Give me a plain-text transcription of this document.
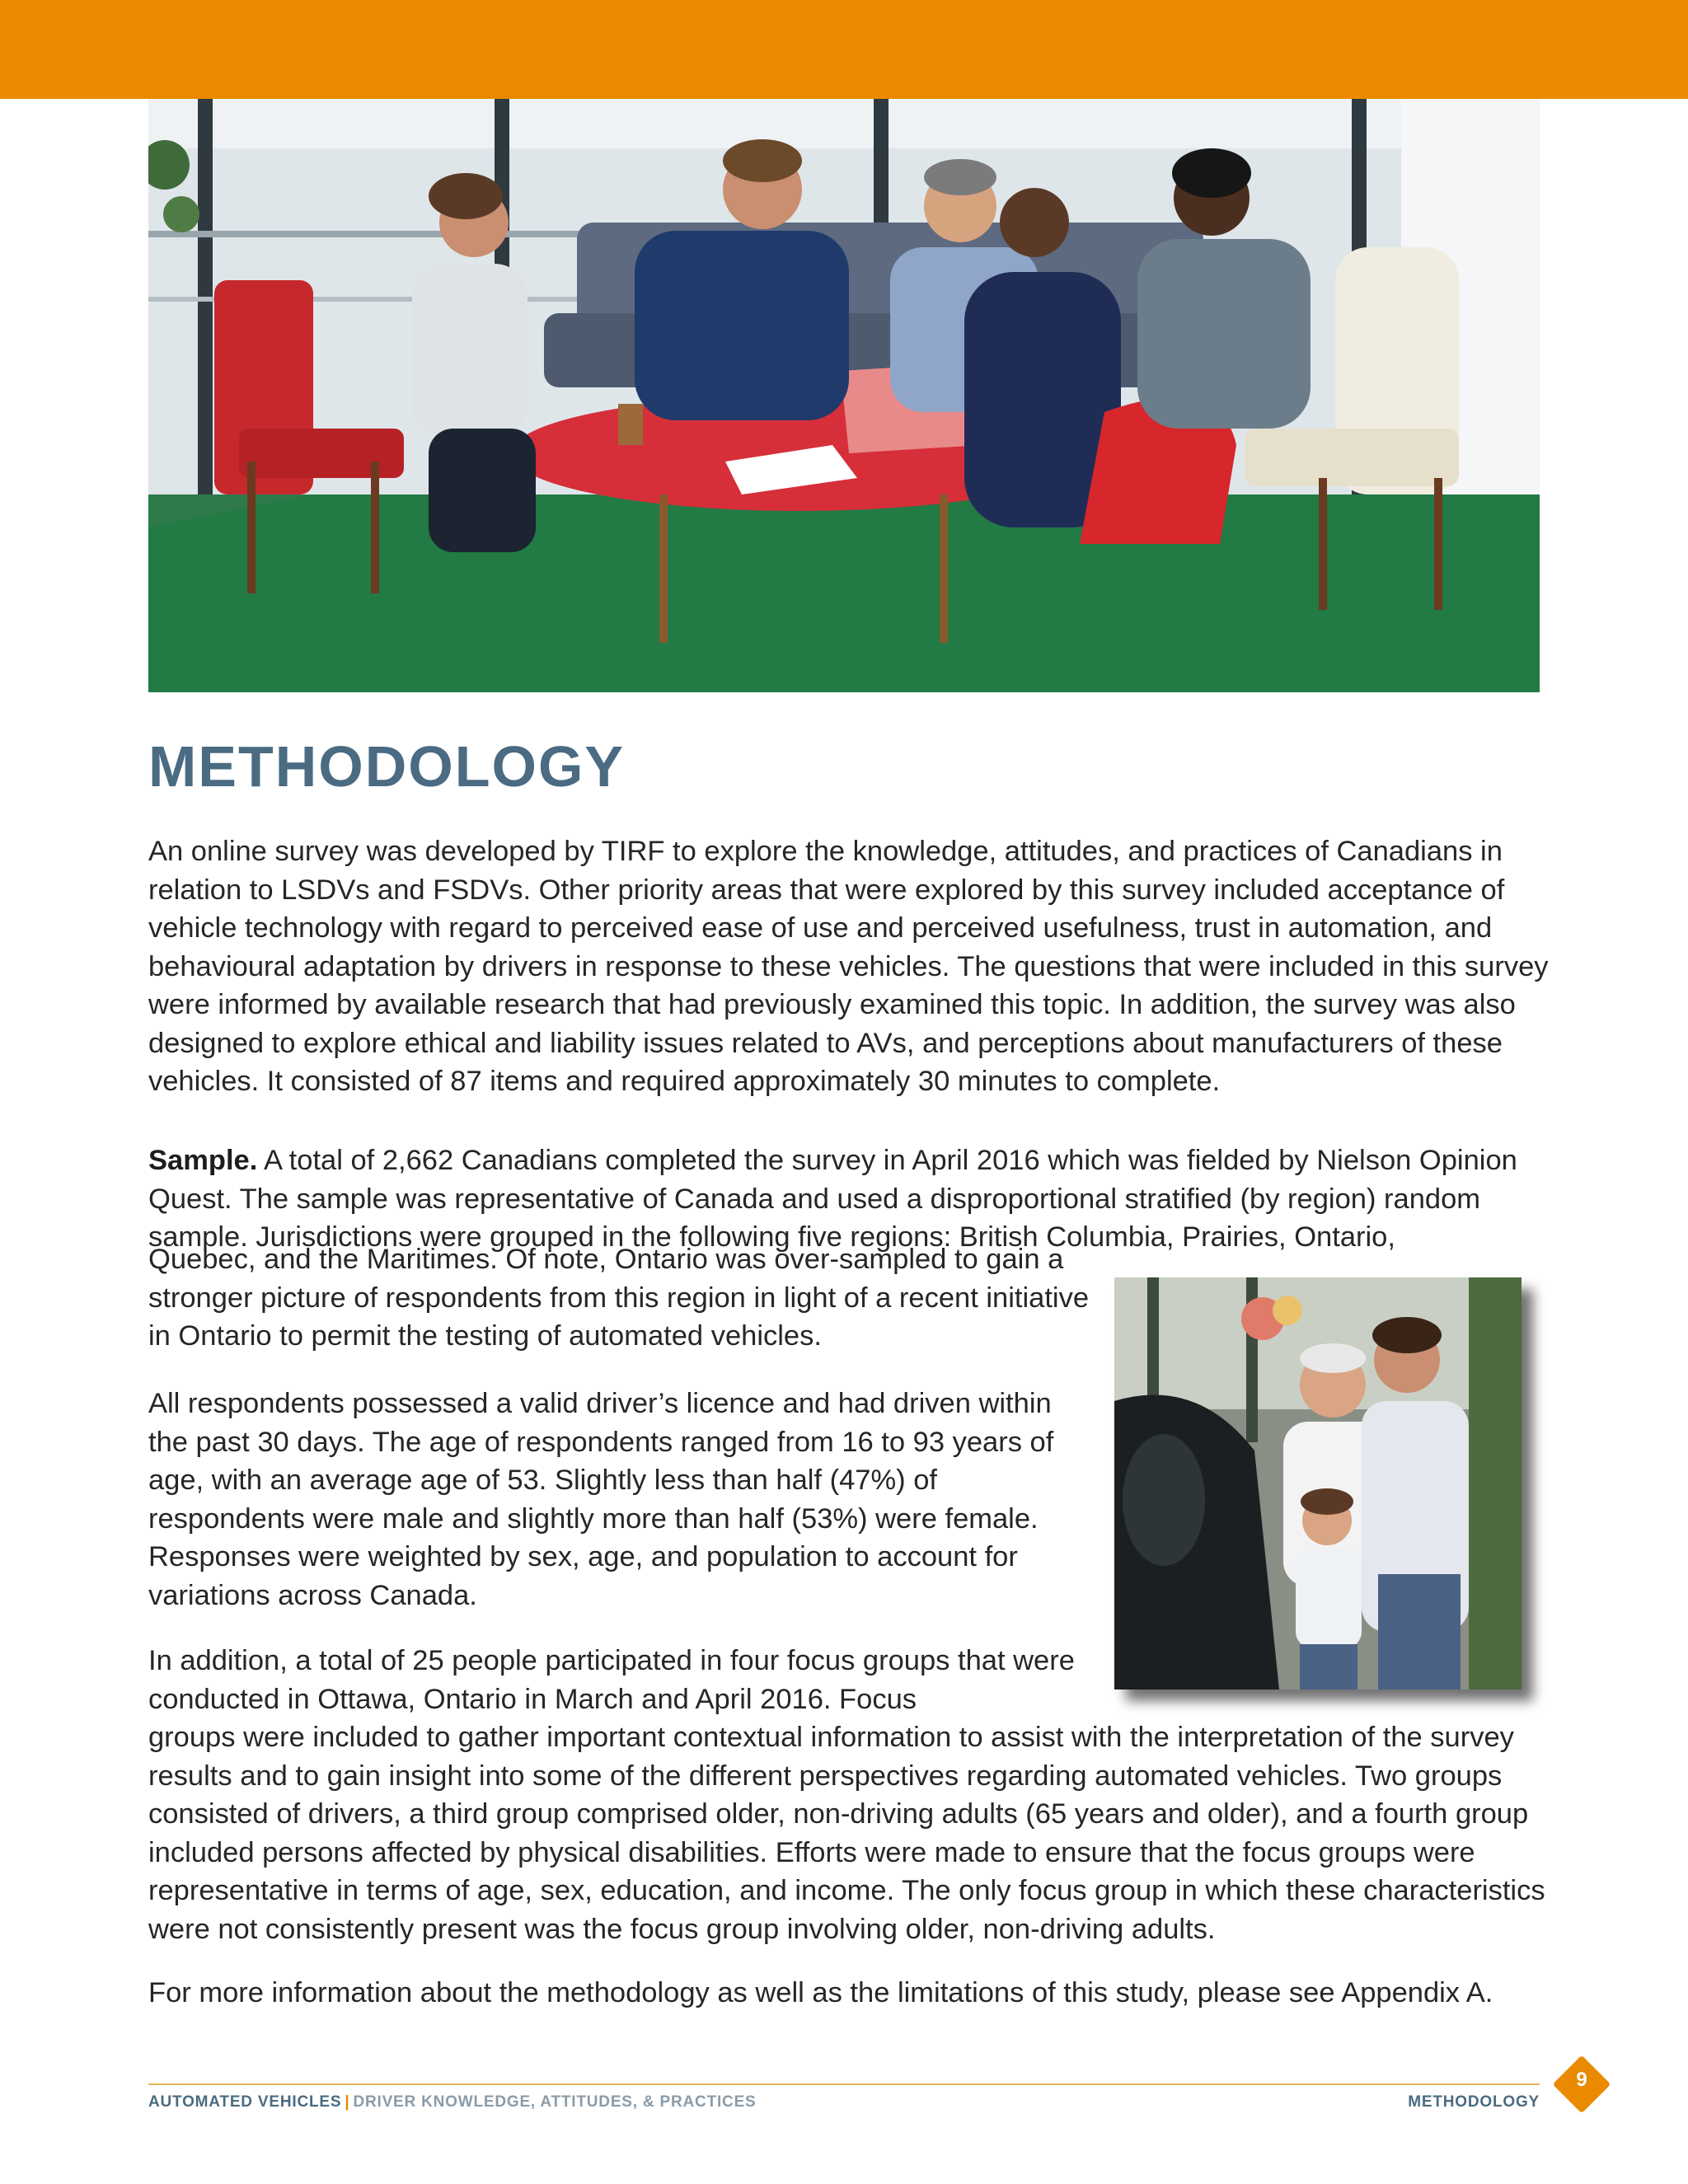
METHODOLOGY

An online survey was developed by TIRF to explore the knowledge, attitudes, and practices of Canadians in relation to LSDVs and FSDVs. Other priority areas that were explored by this survey included acceptance of vehicle technology with regard to perceived ease of use and perceived usefulness, trust in automation, and behavioural adaptation by drivers in response to these vehicles. The questions that were included in this survey were informed by available research that had previously examined this topic. In addition, the survey was also designed to explore ethical and liability issues related to AVs, and perceptions about manufacturers of these vehicles. It consisted of 87 items and required approximately 30 minutes to complete.

Sample. A total of 2,662 Canadians completed the survey in April 2016 which was fielded by Nielson Opinion Quest. The sample was representative of Canada and used a disproportional stratified (by region) random sample. Jurisdictions were grouped in the following five regions: British Columbia, Prairies, Ontario,

Quebec, and the Maritimes. Of note, Ontario was over-sampled to gain a stronger picture of respondents from this region in light of a recent initiative in Ontario to permit the testing of automated vehicles.

All respondents possessed a valid driver’s licence and had driven within the past 30 days. The age of respondents ranged from 16 to 93 years of age, with an average age of 53. Slightly less than half (47%) of respondents were male and slightly more than half (53%) were female. Responses were weighted by sex, age, and population to account for variations across Canada.

In addition, a total of 25 people participated in four focus groups that were conducted in Ottawa, Ontario in March and April 2016. Focus

groups were included to gather important contextual information to assist with the interpretation of the survey results and to gain insight into some of the different perspectives regarding automated vehicles. Two groups consisted of drivers, a third group comprised older, non-driving adults (65 years and older), and a fourth group included persons affected by physical disabilities. Efforts were made to ensure that the focus groups were representative in terms of age, sex, education, and income. The only focus group in which these characteristics were not consistently present was the focus group involving older, non-driving adults.

For more information about the methodology as well as the limitations of this study, please see Appendix A.

AUTOMATED VEHICLES | DRIVER KNOWLEDGE, ATTITUDES, & PRACTICES	METHODOLOGY

9
